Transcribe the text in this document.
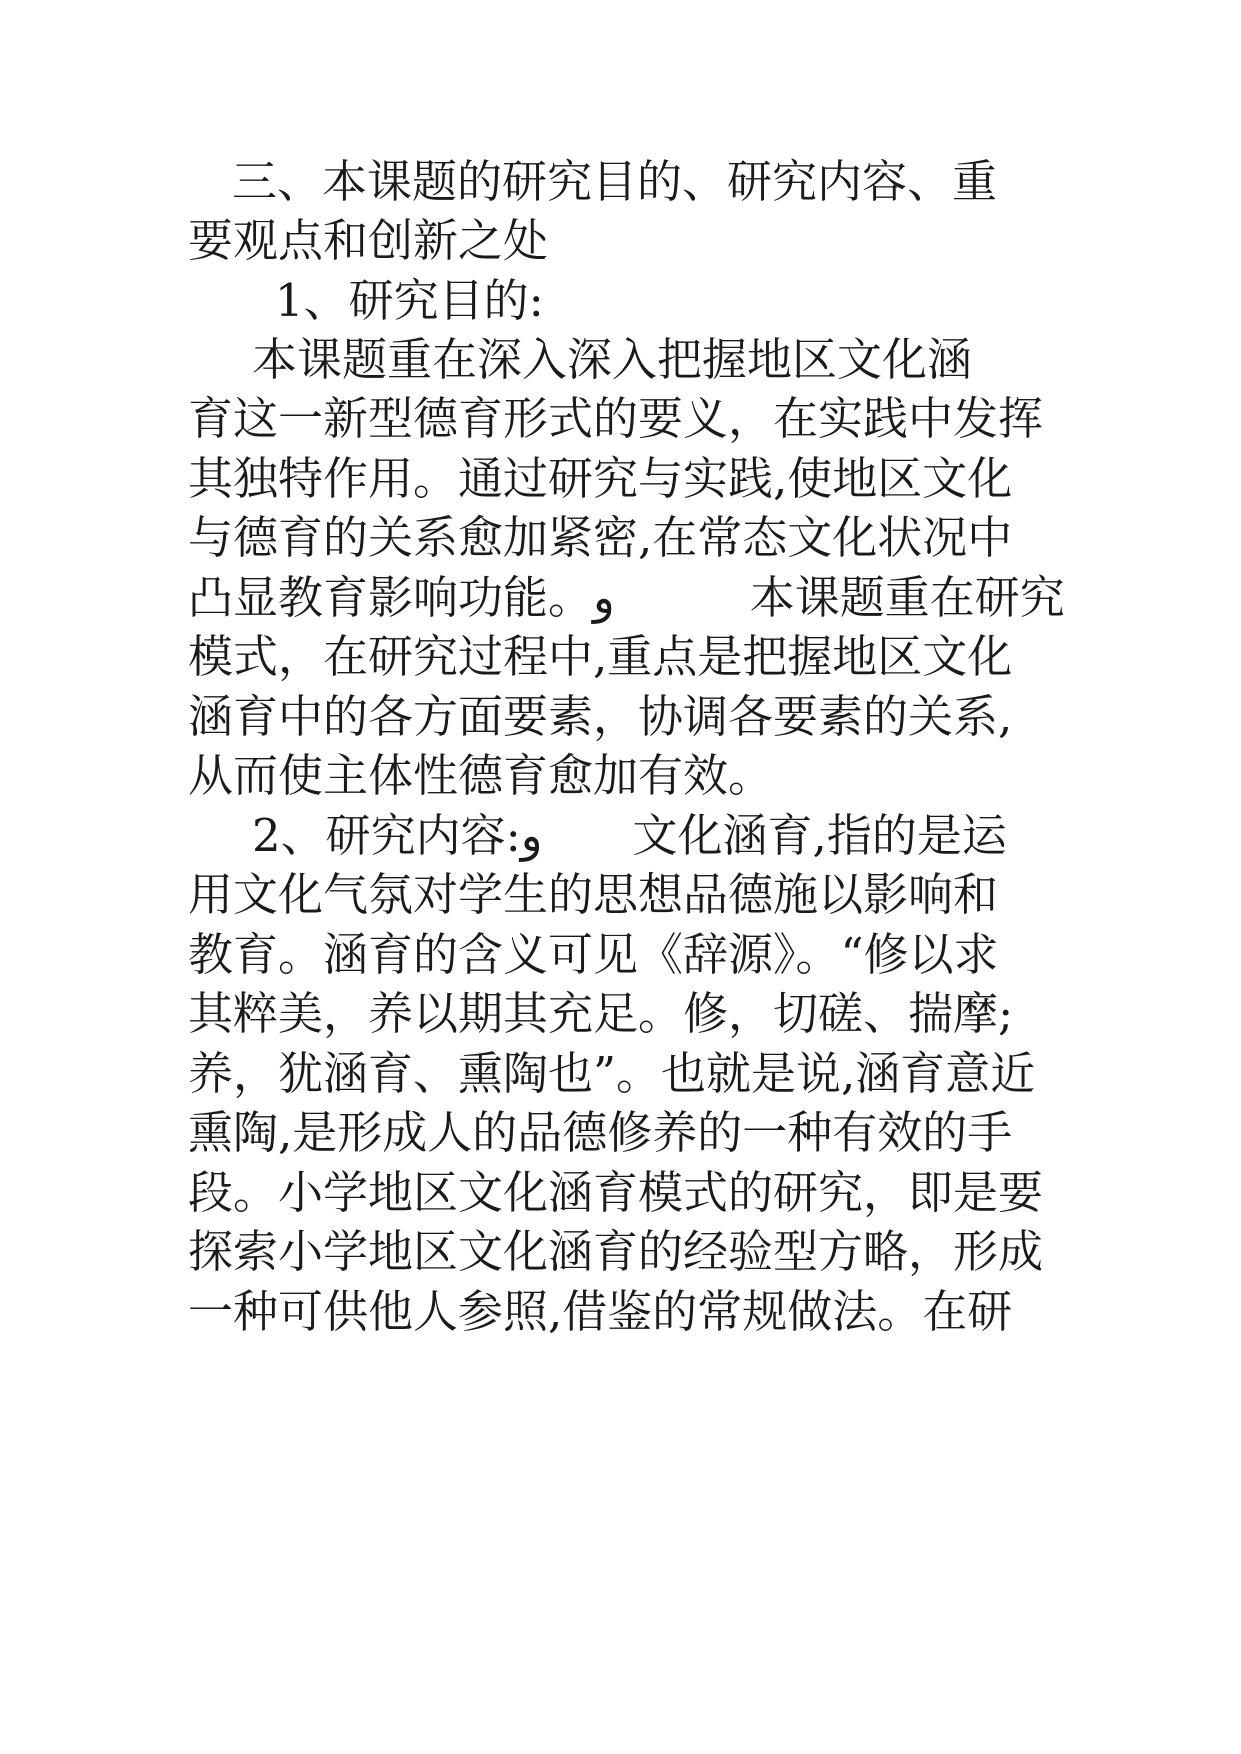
三、本课题的研究目的、研究内容、重
要观点和创新之处
1、研究目的:
本课题重在深入深入把握地区文化涵
育这一新型德育形式的要义，在实践中发挥
其独特作用。通过研究与实践,使地区文化
与德育的关系愈加紧密,在常态文化状况中
凸显教育影响功能。و　　　本课题重在研究
模式，在研究过程中,重点是把握地区文化
涵育中的各方面要素，协调各要素的关系,
从而使主体性德育愈加有效。
2、研究内容:و　　文化涵育,指的是运
用文化气氛对学生的思想品德施以影响和
教育。涵育的含义可见《辞源》。“修以求
其粹美，养以期其充足。修，切磋、揣摩;
养，犹涵育、熏陶也”。也就是说,涵育意近
熏陶,是形成人的品德修养的一种有效的手
段。小学地区文化涵育模式的研究，即是要
探索小学地区文化涵育的经验型方略，形成
一种可供他人参照,借鉴的常规做法。在研
